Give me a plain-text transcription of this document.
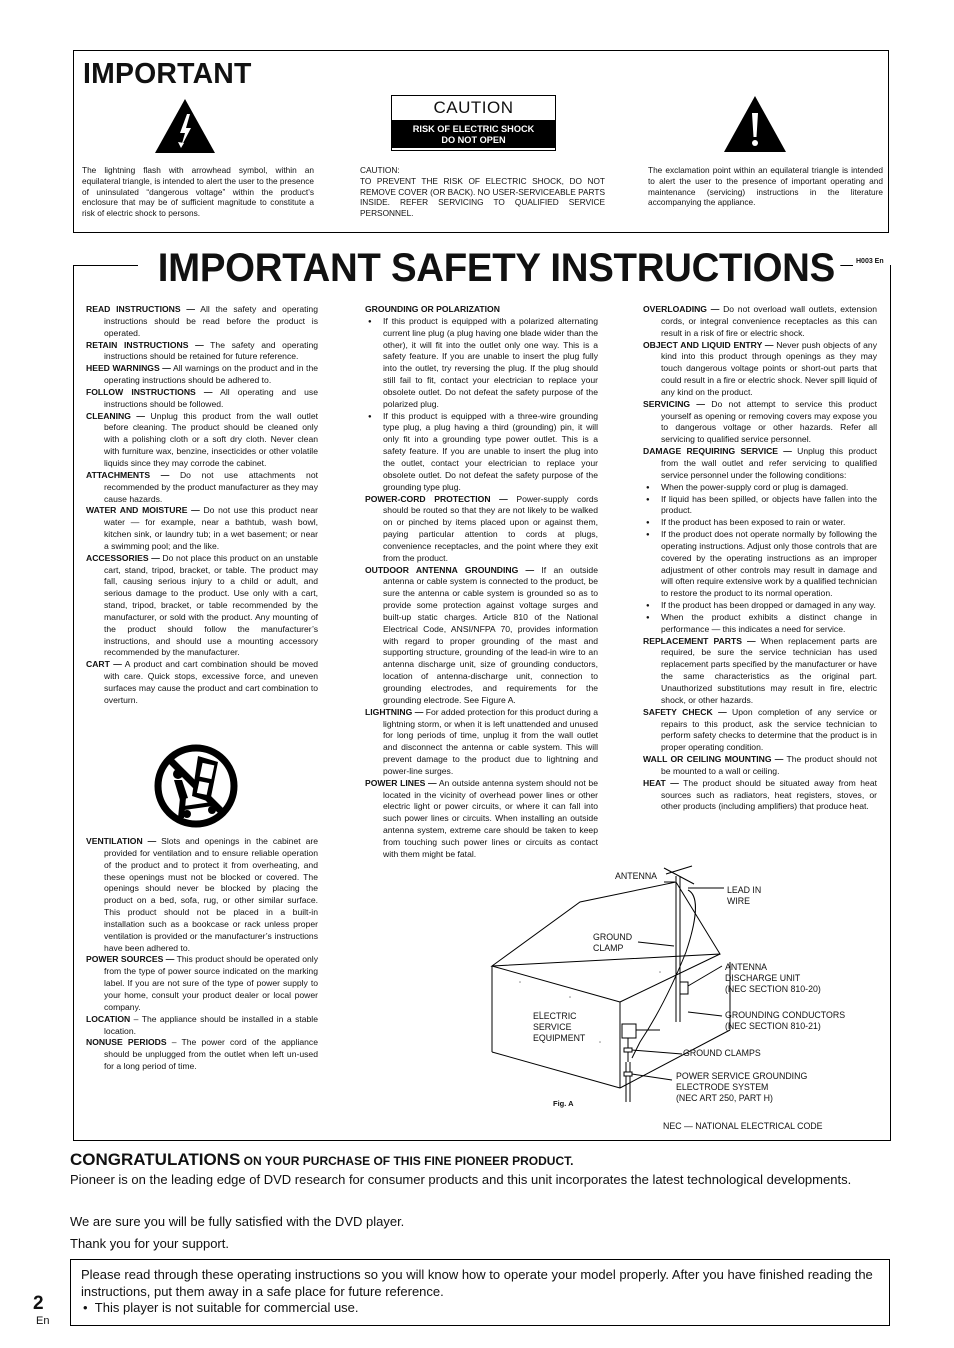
IMPORTANT
CAUTION
RISK OF ELECTRIC SHOCK
DO NOT OPEN
The lightning flash with arrowhead symbol, within an equilateral triangle, is intended to alert the user to the presence of uninsulated “dangerous voltage” within the product’s enclosure that may be of sufficient magnitude to constitute a risk of electric shock to persons.
CAUTION:
TO PREVENT THE RISK OF ELECTRIC SHOCK, DO NOT REMOVE COVER (OR BACK). NO USER-SERVICEABLE PARTS INSIDE. REFER SERVICING TO QUALIFIED SERVICE PERSONNEL.
The exclamation point within an equilateral triangle is intended to alert the user to the presence of important operating and maintenance (servicing) instructions in the literature accompanying the appliance.
IMPORTANT SAFETY INSTRUCTIONS	H003 En

READ INSTRUCTIONS — All the safety and operating instructions should be read before the product is operated.

RETAIN INSTRUCTIONS — The safety and operating instructions should be retained for future reference.

HEED WARNINGS — All warnings on the product and in the operating instructions should be adhered to.

FOLLOW INSTRUCTIONS — All operating and use instructions should be followed.

CLEANING — Unplug this product from the wall outlet before cleaning. The product should be cleaned only with a polishing cloth or a soft dry cloth. Never clean with furniture wax, benzine, insecticides or other volatile liquids since they may corrode the cabinet.

ATTACHMENTS — Do not use attachments not recommended by the product manufacturer as they may cause hazards.

WATER AND MOISTURE — Do not use this product near water — for example, near a bathtub, wash bowl, kitchen sink, or laundry tub; in a wet basement; or near a swimming pool; and the like.

ACCESSORIES — Do not place this product on an unstable cart, stand, tripod, bracket, or table. The product may fall, causing serious injury to a child or adult, and serious damage to the product. Use only with a cart, stand, tripod, bracket, or table recommended by the manufacturer, or sold with the product. Any mounting of the product should follow the manufacturer’s instructions, and should use a mounting accessory recommended by the manufacturer.

CART — A product and cart combination should be moved with care. Quick stops, excessive force, and uneven surfaces may cause the product and cart combination to overturn.

VENTILATION — Slots and openings in the cabinet are provided for ventilation and to ensure reliable operation of the product and to protect it from overheating, and these openings must not be blocked or covered. The openings should never be blocked by placing the product on a bed, sofa, rug, or other similar surface. This product should not be placed in a built-in installation such as a bookcase or rack unless proper ventilation is provided or the manufacturer’s instructions have been adhered to.

POWER SOURCES — This product should be operated only from the type of power source indicated on the marking label. If you are not sure of the type of power supply to your home, consult your product dealer or local power company.

LOCATION – The appliance should be installed in a stable location.

NONUSE PERIODS – The power cord of the appliance should be unplugged from the outlet when left un-used for a long period of time.

GROUNDING OR POLARIZATION

● If this product is equipped with a polarized alternating current line plug (a plug having one blade wider than the other), it will fit into the outlet only one way. This is a safety feature. If you are unable to insert the plug fully into the outlet, try reversing the plug. If the plug should still fail to fit, contact your electrician to replace your obsolete outlet. Do not defeat the safety purpose of the polarized plug.

● If this product is equipped with a three-wire grounding type plug, a plug having a third (grounding) pin, it will only fit into a grounding type power outlet. This is a safety feature. If you are unable to insert the plug into the outlet, contact your electrician to replace your obsolete outlet. Do not defeat the safety purpose of the grounding type plug.

POWER-CORD PROTECTION — Power-supply cords should be routed so that they are not likely to be walked on or pinched by items placed upon or against them, paying particular attention to cords at plugs, convenience receptacles, and the point where they exit from the product.

OUTDOOR ANTENNA GROUNDING — If an outside antenna or cable system is connected to the product, be sure the antenna or cable system is grounded so as to provide some protection against voltage surges and built-up static charges. Article 810 of the National Electrical Code, ANSI/NFPA 70, provides information with regard to proper grounding of the mast and supporting structure, grounding of the lead-in wire to an antenna discharge unit, size of grounding conductors, location of antenna-discharge unit, connection to grounding electrodes, and requirements for the grounding electrode. See Figure A.

LIGHTNING — For added protection for this product during a lightning storm, or when it is left unattended and unused for long periods of time, unplug it from the wall outlet and disconnect the antenna or cable system. This will prevent damage to the product due to lightning and power-line surges.

POWER LINES — An outside antenna system should not be located in the vicinity of overhead power lines or other electric light or power circuits, or where it can fall into such power lines or circuits. When installing an outside antenna system, extreme care should be taken to keep from touching such power lines or circuits as contact with them might be fatal.

OVERLOADING — Do not overload wall outlets, extension cords, or integral convenience receptacles as this can result in a risk of fire or electric shock.

OBJECT AND LIQUID ENTRY — Never push objects of any kind into this product through openings as they may touch dangerous voltage points or short-out parts that could result in a fire or electric shock. Never spill liquid of any kind on the product.

SERVICING — Do not attempt to service this product yourself as opening or removing covers may expose you to dangerous voltage or other hazards. Refer all servicing to qualified service personnel.

DAMAGE REQUIRING SERVICE — Unplug this product from the wall outlet and refer servicing to qualified service personnel under the following conditions:

● When the power-supply cord or plug is damaged.

● If liquid has been spilled, or objects have fallen into the product.

● If the product has been exposed to rain or water.

● If the product does not operate normally by following the operating instructions. Adjust only those controls that are covered by the operating instructions as an improper adjustment of other controls may result in damage and will often require extensive work by a qualified technician to restore the product to its normal operation.

● If the product has been dropped or damaged in any way.

● When the product exhibits a distinct change in performance — this indicates a need for service.

REPLACEMENT PARTS — When replacement parts are required, be sure the service technician has used replacement parts specified by the manufacturer or have the same characteristics as the original part. Unauthorized substitutions may result in fire, electric shock, or other hazards.

SAFETY CHECK — Upon completion of any service or repairs to this product, ask the service technician to perform safety checks to determine that the product is in proper operating condition.

WALL OR CEILING MOUNTING — The product should not be mounted to a wall or ceiling.

HEAT — The product should be situated away from heat sources such as radiators, heat registers, stoves, or other products (including amplifiers) that produce heat.

ANTENNA
LEAD IN
WIRE
GROUND
CLAMP
ANTENNA
DISCHARGE UNIT
(NEC SECTION 810-20)
ELECTRIC
SERVICE
EQUIPMENT
GROUNDING CONDUCTORS
(NEC SECTION 810-21)
GROUND CLAMPS
POWER SERVICE GROUNDING
ELECTRODE SYSTEM
(NEC ART 250, PART H)
Fig. A
NEC — NATIONAL ELECTRICAL CODE
CONGRATULATIONS ON YOUR PURCHASE OF THIS FINE PIONEER PRODUCT.
Pioneer is on the leading edge of DVD research for consumer products and this unit incorporates the latest technological developments.
We are sure you will be fully satisfied with the DVD player.
Thank you for your support.
Please read through these operating instructions so you will know how to operate your model properly. After you have finished reading the instructions, put them away in a safe place for future reference.
• This player is not suitable for commercial use.
2
En
